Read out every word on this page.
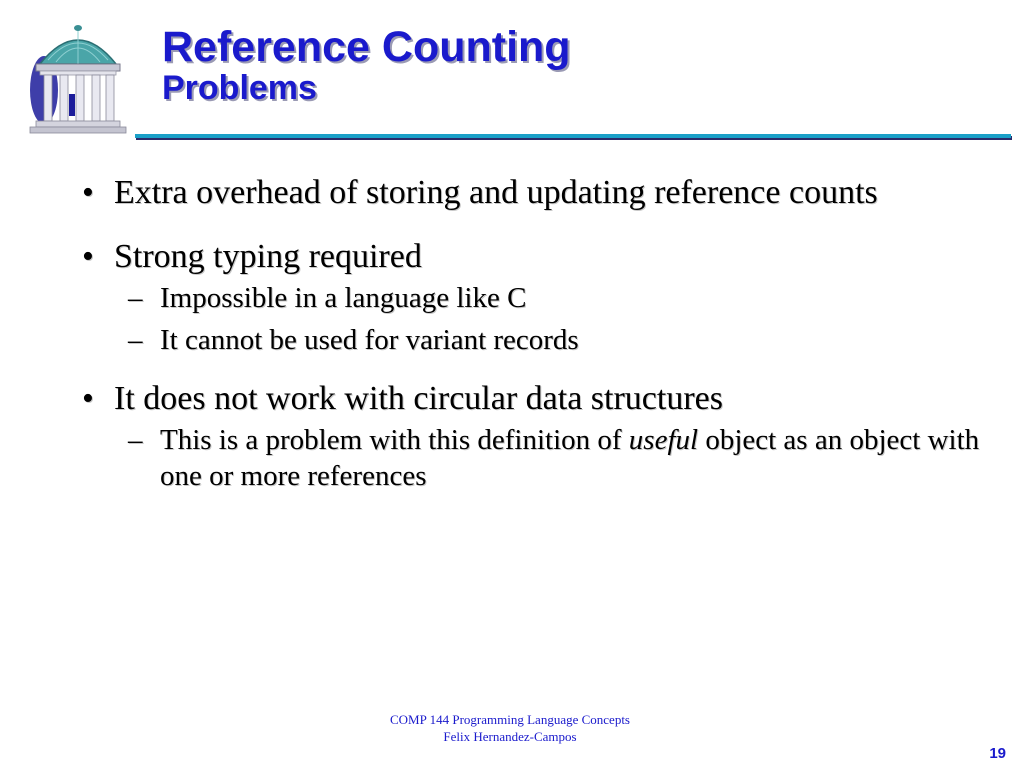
Reference Counting
Problems
• Extra overhead of storing and updating reference counts
• Strong typing required
– Impossible in a language like C
– It cannot be used for variant records
• It does not work with circular data structures
– This is a problem with this definition of useful object as an object with one or more references
COMP 144 Programming Language Concepts
Felix Hernandez-Campos
19
